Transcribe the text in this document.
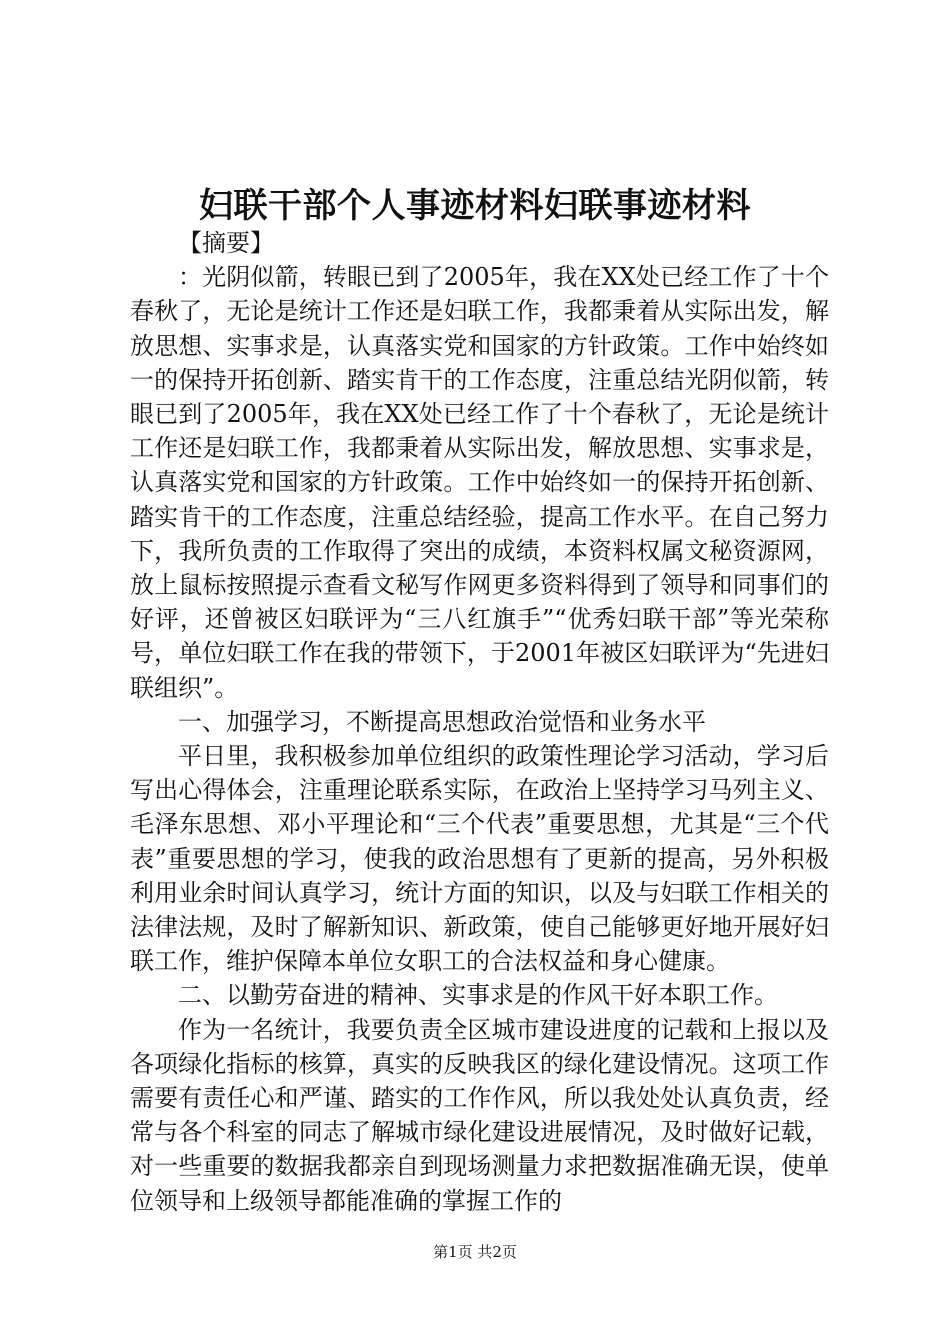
妇联干部个人事迹材料妇联事迹材料

【摘要】

：光阴似箭，转眼已到了2005年，我在XX处已经工作了十个春秋了，无论是统计工作还是妇联工作，我都秉着从实际出发，解放思想、实事求是，认真落实党和国家的方针政策。工作中始终如一的保持开拓创新、踏实肯干的工作态度，注重总结光阴似箭，转眼已到了2005年，我在XX处已经工作了十个春秋了，无论是统计工作还是妇联工作，我都秉着从实际出发，解放思想、实事求是，认真落实党和国家的方针政策。工作中始终如一的保持开拓创新、踏实肯干的工作态度，注重总结经验，提高工作水平。在自己努力下，我所负责的工作取得了突出的成绩，本资料权属文秘资源网，放上鼠标按照提示查看文秘写作网更多资料得到了领导和同事们的好评，还曾被区妇联评为“三八红旗手”“优秀妇联干部”等光荣称号，单位妇联工作在我的带领下，于2001年被区妇联评为“先进妇联组织”。

一、加强学习，不断提高思想政治觉悟和业务水平

平日里，我积极参加单位组织的政策性理论学习活动，学习后写出心得体会，注重理论联系实际，在政治上坚持学习马列主义、毛泽东思想、邓小平理论和“三个代表”重要思想，尤其是“三个代表”重要思想的学习，使我的政治思想有了更新的提高，另外积极利用业余时间认真学习，统计方面的知识，以及与妇联工作相关的法律法规，及时了解新知识、新政策，使自己能够更好地开展好妇联工作，维护保障本单位女职工的合法权益和身心健康。

二、以勤劳奋进的精神、实事求是的作风干好本职工作。

作为一名统计，我要负责全区城市建设进度的记载和上报以及各项绿化指标的核算，真实的反映我区的绿化建设情况。这项工作需要有责任心和严谨、踏实的工作作风，所以我处处认真负责，经常与各个科室的同志了解城市绿化建设进展情况，及时做好记载，对一些重要的数据我都亲自到现场测量力求把数据准确无误，使单位领导和上级领导都能准确的掌握工作的

第1页 共2页
